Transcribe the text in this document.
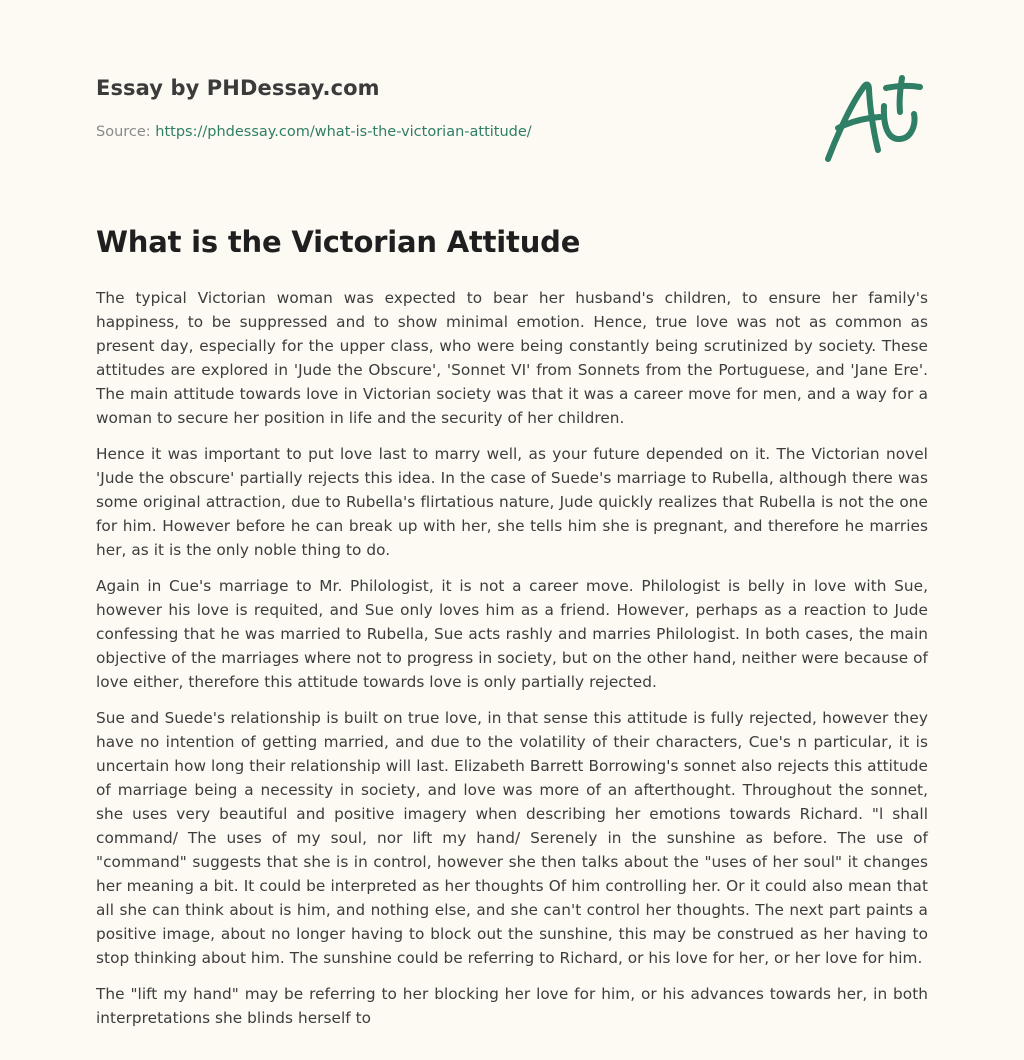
Essay by PHDessay.com
Source: https://phdessay.com/what-is-the-victorian-attitude/
What is the Victorian Attitude

The typical Victorian woman was expected to bear her husband's children, to ensure her family's happiness, to be suppressed and to show minimal emotion. Hence, true love was not as common as present day, especially for the upper class, who were being constantly being scrutinized by society. These attitudes are explored in 'Jude the Obscure', 'Sonnet VI' from Sonnets from the Portuguese, and 'Jane Ere'. The main attitude towards love in Victorian society was that it was a career move for men, and a way for a woman to secure her position in life and the security of her children.

Hence it was important to put love last to marry well, as your future depended on it. The Victorian novel 'Jude the obscure' partially rejects this idea. In the case of Suede's marriage to Rubella, although there was some original attraction, due to Rubella's flirtatious nature, Jude quickly realizes that Rubella is not the one for him. However before he can break up with her, she tells him she is pregnant, and therefore he marries her, as it is the only noble thing to do.

Again in Cue's marriage to Mr. Philologist, it is not a career move. Philologist is belly in love with Sue, however his love is requited, and Sue only loves him as a friend. However, perhaps as a reaction to Jude confessing that he was married to Rubella, Sue acts rashly and marries Philologist. In both cases, the main objective of the marriages where not to progress in society, but on the other hand, neither were because of love either, therefore this attitude towards love is only partially rejected.

Sue and Suede's relationship is built on true love, in that sense this attitude is fully rejected, however they have no intention of getting married, and due to the volatility of their characters, Cue's n particular, it is uncertain how long their relationship will last. Elizabeth Barrett Borrowing's sonnet also rejects this attitude of marriage being a necessity in society, and love was more of an afterthought. Throughout the sonnet, she uses very beautiful and positive imagery when describing her emotions towards Richard. "l shall command/ The uses of my soul, nor lift my hand/ Serenely in the sunshine as before. The use of "command" suggests that she is in control, however she then talks about the "uses of her soul" it changes her meaning a bit. It could be interpreted as her thoughts Of him controlling her. Or it could also mean that all she can think about is him, and nothing else, and she can't control her thoughts. The next part paints a positive image, about no longer having to block out the sunshine, this may be construed as her having to stop thinking about him. The sunshine could be referring to Richard, or his love for her, or her love for him.

The "lift my hand" may be referring to her blocking her love for him, or his advances towards her, in both interpretations she blinds herself to
